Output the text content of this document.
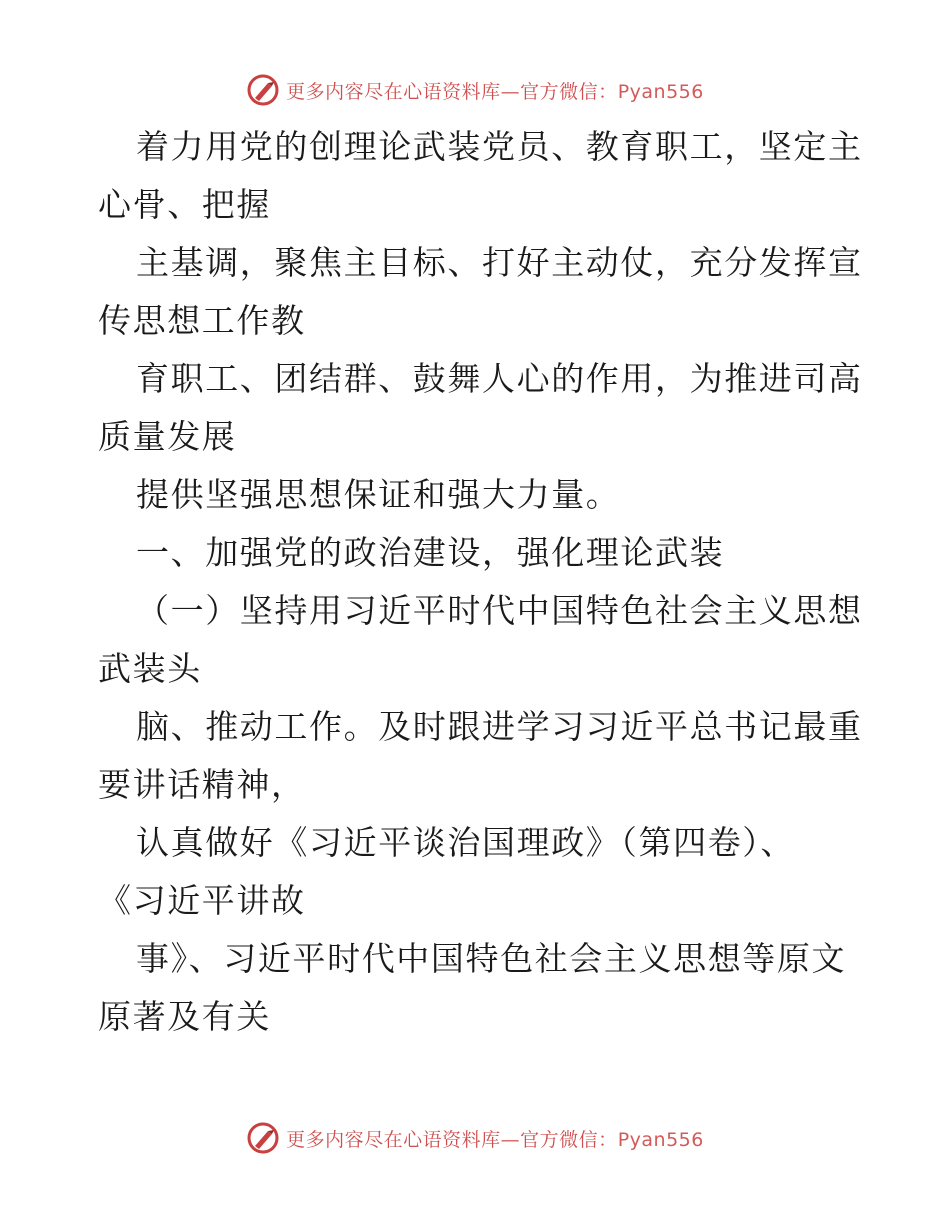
更多内容尽在心语资料库—官方微信：Pyan556
着力用党的创理论武装党员、教育职工，坚定主
心骨、把握
主基调，聚焦主目标、打好主动仗，充分发挥宣
传思想工作教
育职工、团结群、鼓舞人心的作用，为推进司高
质量发展
提供坚强思想保证和强大力量。
一、加强党的政治建设，强化理论武装
（一）坚持用习近平时代中国特色社会主义思想
武装头
脑、推动工作。及时跟进学习习近平总书记最重
要讲话精神，
认真做好《习近平谈治国理政》（第四卷）、
《习近平讲故
事》、习近平时代中国特色社会主义思想等原文
原著及有关
更多内容尽在心语资料库—官方微信：Pyan556
